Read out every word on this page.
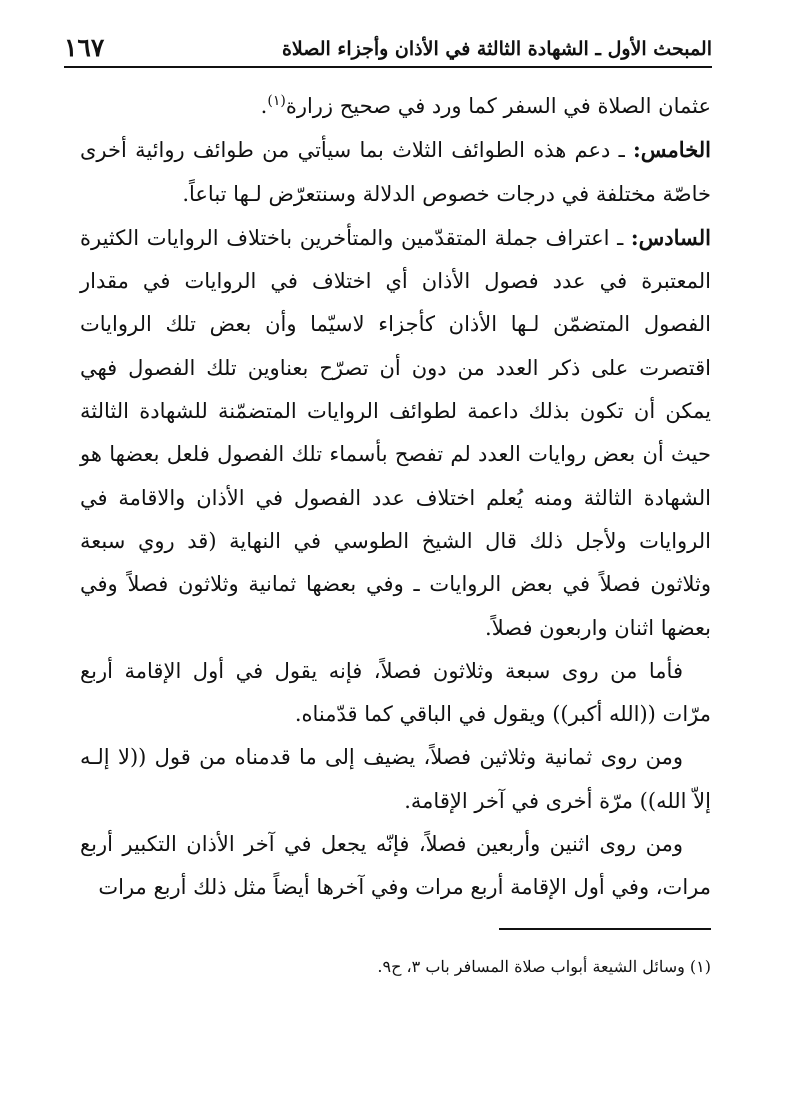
المبحث الأول ـ الشهادة الثالثة في الأذان وأجزاء الصلاة
١٦٧

عثمان الصلاة في السفر كما ورد في صحيح زرارة$^{(١)}$.

الخامس: ـ دعم هذه الطوائف الثلاث بما سيأتي من طوائف روائية أخرى خاصّة مختلفة في درجات خصوص الدلالة وسنتعرّض لـها تباعاً.

السادس: ـ اعتراف جملة المتقدّمين والمتأخرين باختلاف الروايات الكثيرة المعتبرة في عدد فصول الأذان أي اختلاف في الروايات في مقدار الفصول المتضمّن لـها الأذان كأجزاء لاسيّما وأن بعض تلك الروايات اقتصرت على ذكر العدد من دون أن تصرّح بعناوين تلك الفصول فهي يمكن أن تكون بذلك داعمة لطوائف الروايات المتضمّنة للشهادة الثالثة حيث أن بعض روايات العدد لم تفصح بأسماء تلك الفصول فلعل بعضها هو الشهادة الثالثة ومنه يُعلم اختلاف عدد الفصول في الأذان والاقامة في الروايات ولأجل ذلك قال الشيخ الطوسي في النهاية (قد روي سبعة وثلاثون فصلاً في بعض الروايات ـ وفي بعضها ثمانية وثلاثون فصلاً وفي بعضها اثنان واربعون فصلاً.

فأما من روى سبعة وثلاثون فصلاً، فإنه يقول في أول الإقامة أربع مرّات ((الله أكبر)) ويقول في الباقي كما قدّمناه.

ومن روى ثمانية وثلاثين فصلاً، يضيف إلى ما قدمناه من قول ((لا إلـه إلاّ الله)) مرّة أخرى في آخر الإقامة.

ومن روى اثنين وأربعين فصلاً، فإنّه يجعل في آخر الأذان التكبير أربع مرات، وفي أول الإقامة أربع مرات وفي آخرها أيضاً مثل ذلك أربع مرات

(١) وسائل الشيعة أبواب صلاة المسافر باب ٣، ح٩.
